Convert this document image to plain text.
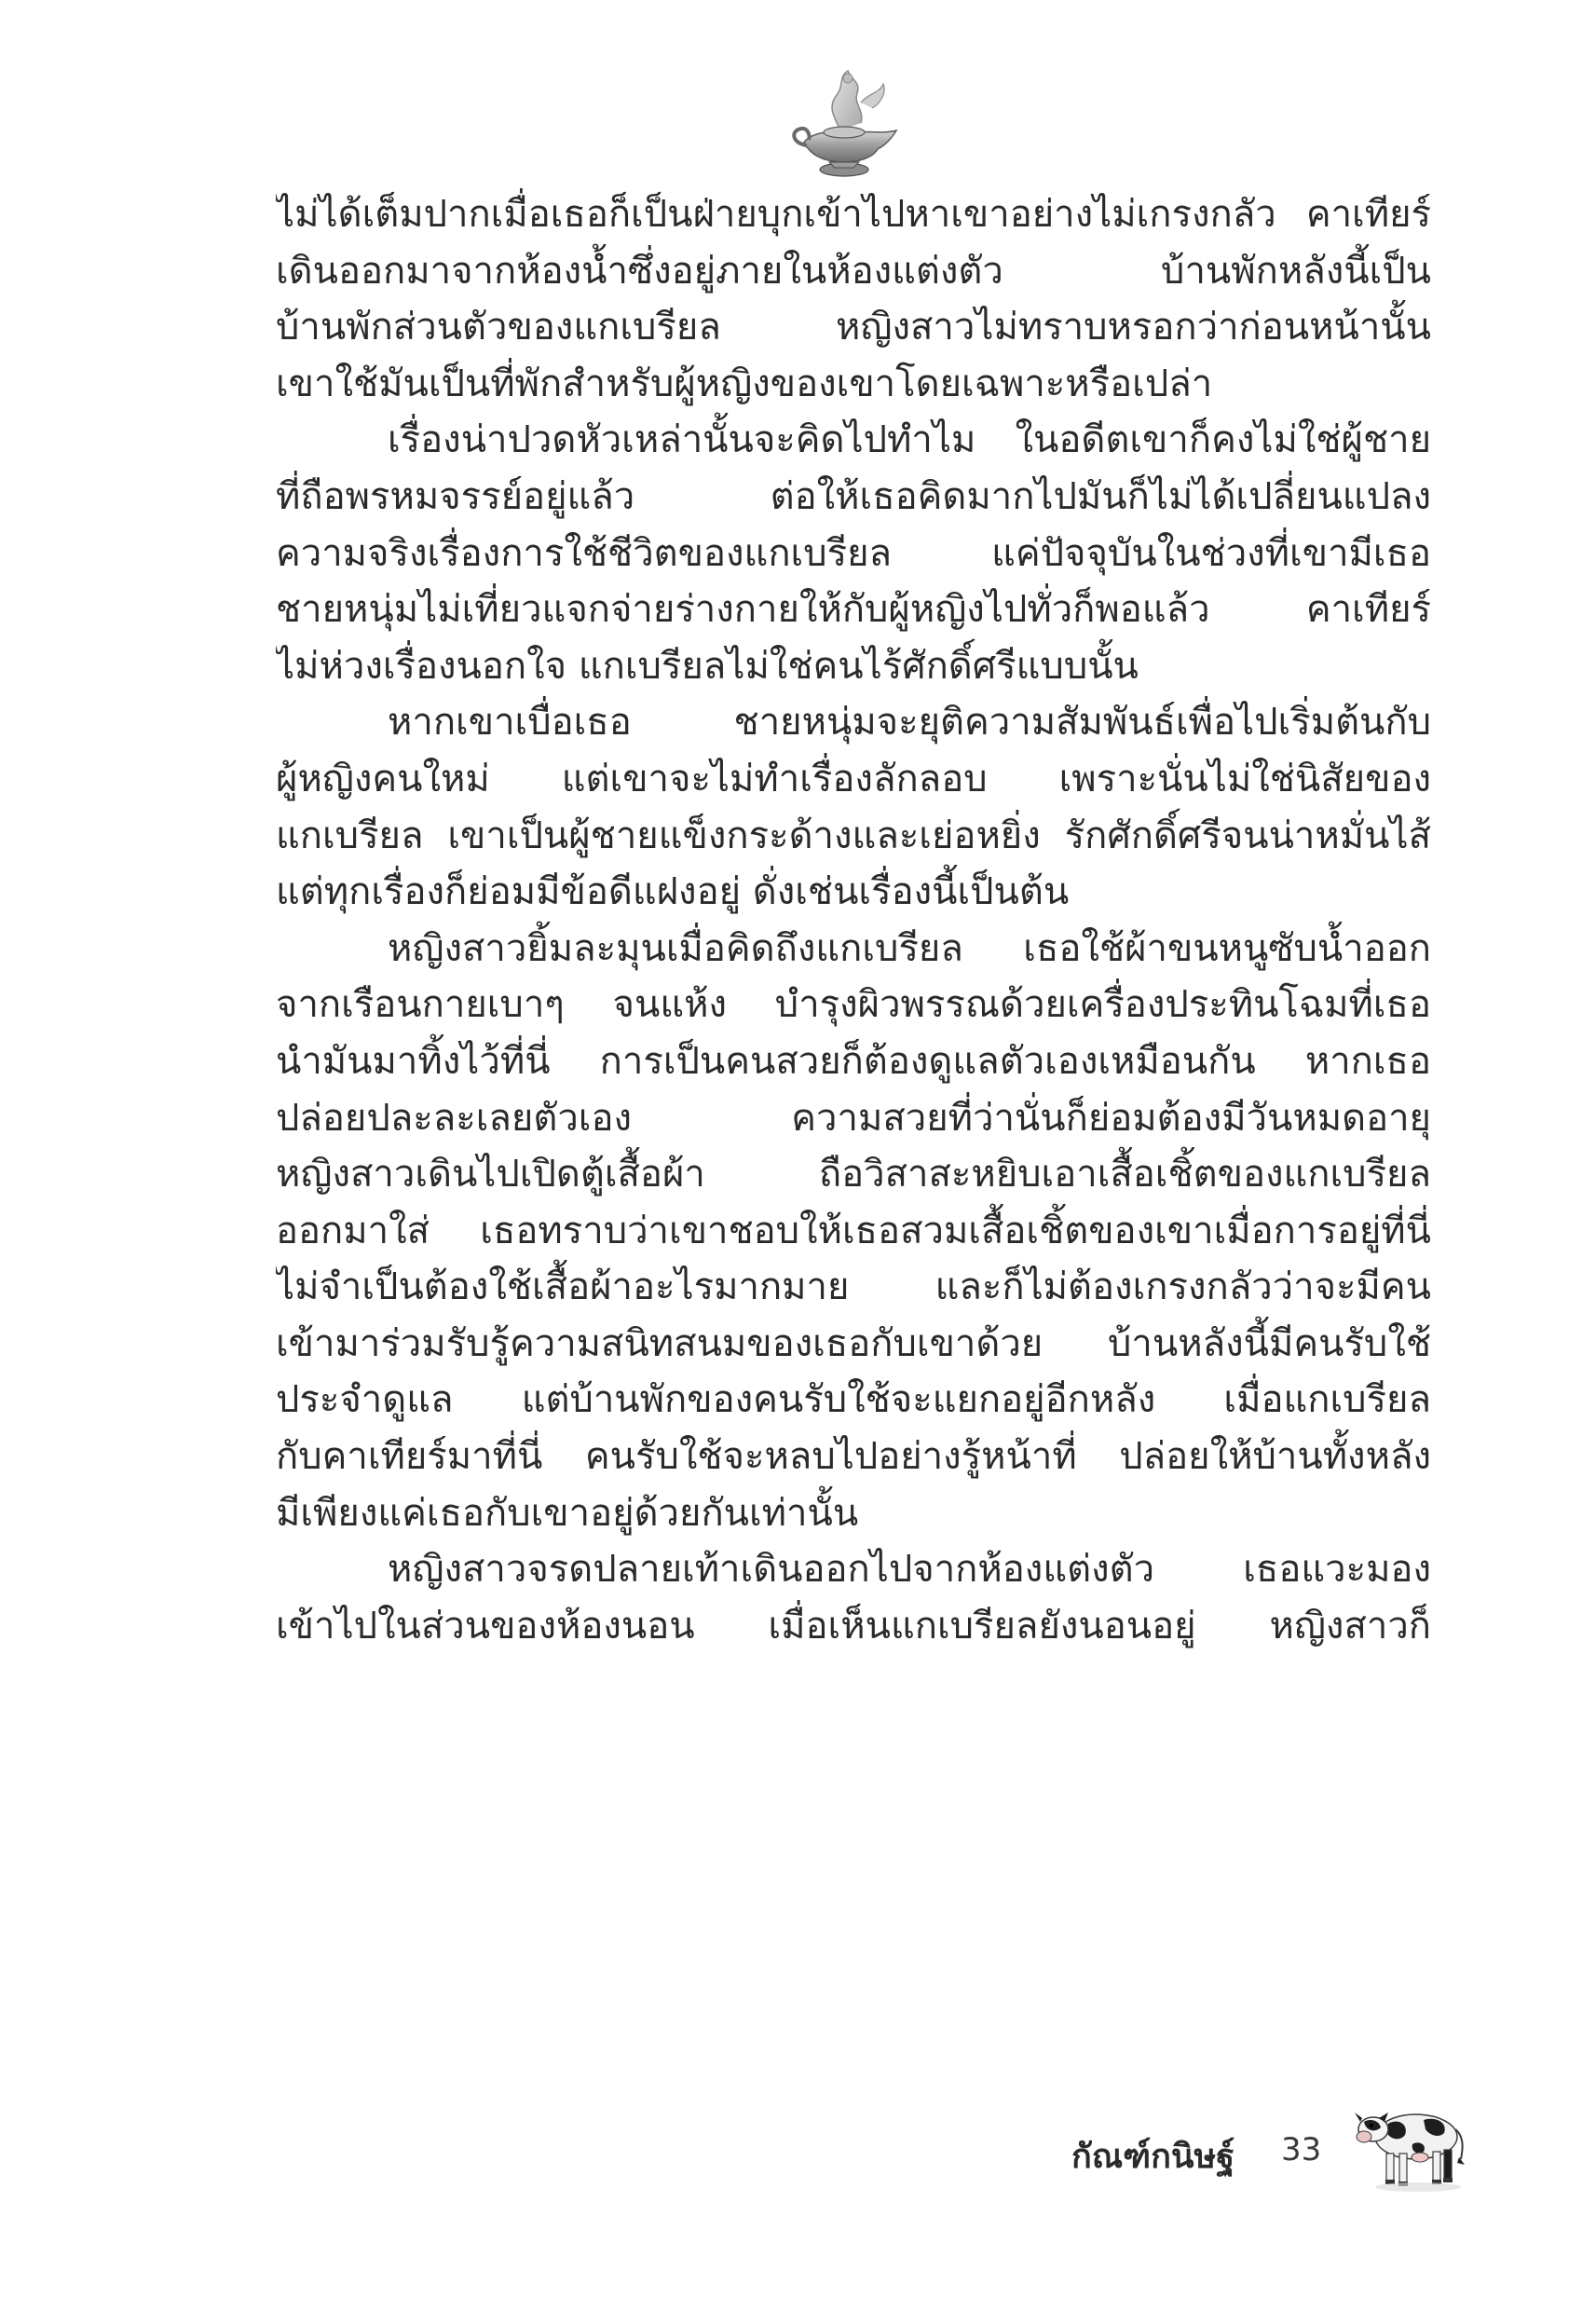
ไม่ได้เต็มปากเมื่อเธอก็เป็นฝ่ายบุกเข้าไปหาเขาอย่างไม่เกรงกลัว คาเทียร์
เดินออกมาจากห้องน้ำซึ่งอยู่ภายในห้องแต่งตัว บ้านพักหลังนี้เป็น
บ้านพักส่วนตัวของแกเบรียล หญิงสาวไม่ทราบหรอกว่าก่อนหน้านั้น
เขาใช้มันเป็นที่พักสำหรับผู้หญิงของเขาโดยเฉพาะหรือเปล่า
เรื่องน่าปวดหัวเหล่านั้นจะคิดไปทำไม ในอดีตเขาก็คงไม่ใช่ผู้ชาย
ที่ถือพรหมจรรย์อยู่แล้ว ต่อให้เธอคิดมากไปมันก็ไม่ได้เปลี่ยนแปลง
ความจริงเรื่องการใช้ชีวิตของแกเบรียล แค่ปัจจุบันในช่วงที่เขามีเธอ
ชายหนุ่มไม่เที่ยวแจกจ่ายร่างกายให้กับผู้หญิงไปทั่วก็พอแล้ว คาเทียร์
ไม่ห่วงเรื่องนอกใจ แกเบรียลไม่ใช่คนไร้ศักดิ์ศรีแบบนั้น
หากเขาเบื่อเธอ ชายหนุ่มจะยุติความสัมพันธ์เพื่อไปเริ่มต้นกับ
ผู้หญิงคนใหม่ แต่เขาจะไม่ทำเรื่องลักลอบ เพราะนั่นไม่ใช่นิสัยของ
แกเบรียล เขาเป็นผู้ชายแข็งกระด้างและเย่อหยิ่ง รักศักดิ์ศรีจนน่าหมั่นไส้
แต่ทุกเรื่องก็ย่อมมีข้อดีแฝงอยู่ ดั่งเช่นเรื่องนี้เป็นต้น
หญิงสาวยิ้มละมุนเมื่อคิดถึงแกเบรียล เธอใช้ผ้าขนหนูซับน้ำออก
จากเรือนกายเบาๆ จนแห้ง บำรุงผิวพรรณด้วยเครื่องประทินโฉมที่เธอ
นำมันมาทิ้งไว้ที่นี่ การเป็นคนสวยก็ต้องดูแลตัวเองเหมือนกัน หากเธอ
ปล่อยปละละเลยตัวเอง ความสวยที่ว่านั่นก็ย่อมต้องมีวันหมดอายุ
หญิงสาวเดินไปเปิดตู้เสื้อผ้า ถือวิสาสะหยิบเอาเสื้อเชิ้ตของแกเบรียล
ออกมาใส่ เธอทราบว่าเขาชอบให้เธอสวมเสื้อเชิ้ตของเขาเมื่อการอยู่ที่นี่
ไม่จำเป็นต้องใช้เสื้อผ้าอะไรมากมาย และก็ไม่ต้องเกรงกลัวว่าจะมีคน
เข้ามาร่วมรับรู้ความสนิทสนมของเธอกับเขาด้วย บ้านหลังนี้มีคนรับใช้
ประจำดูแล แต่บ้านพักของคนรับใช้จะแยกอยู่อีกหลัง เมื่อแกเบรียล
กับคาเทียร์มาที่นี่ คนรับใช้จะหลบไปอย่างรู้หน้าที่ ปล่อยให้บ้านทั้งหลัง
มีเพียงแค่เธอกับเขาอยู่ด้วยกันเท่านั้น
หญิงสาวจรดปลายเท้าเดินออกไปจากห้องแต่งตัว เธอแวะมอง
เข้าไปในส่วนของห้องนอน เมื่อเห็นแกเบรียลยังนอนอยู่ หญิงสาวก็
กัณฑ์กนิษฐ์ 33
